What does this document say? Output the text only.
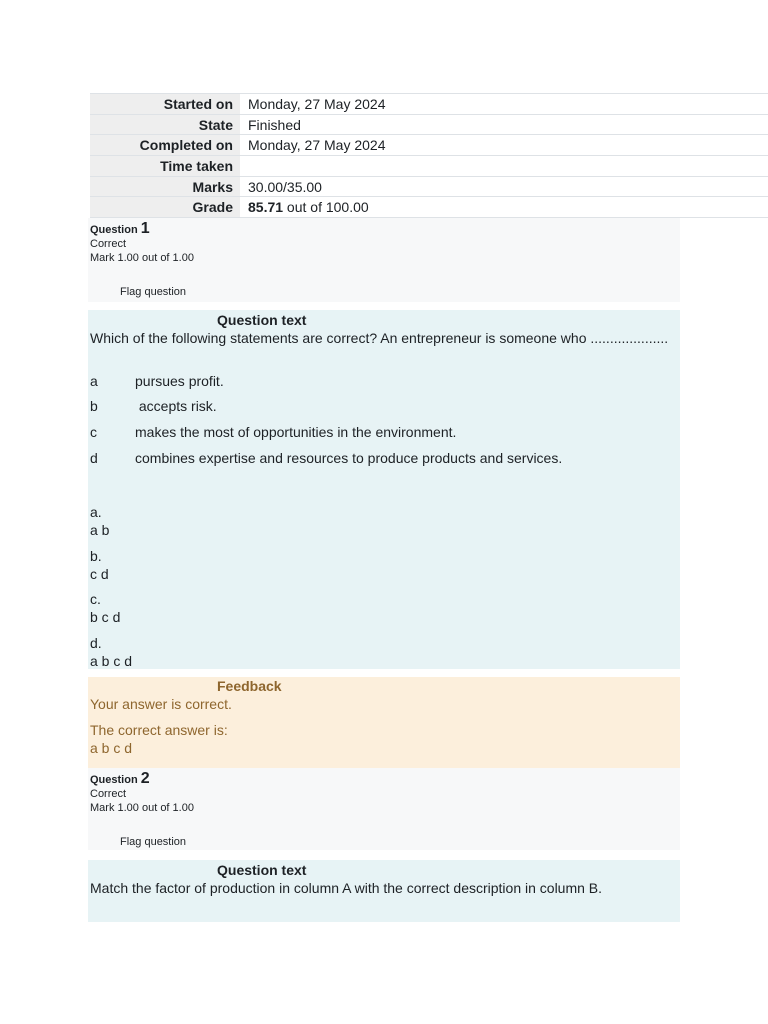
Started on	Monday, 27 May 2024
State	Finished
Completed on	Monday, 27 May 2024
Time taken	
Marks	30.00/35.00
Grade	85.71 out of 100.00
Question 1
Correct
Mark 1.00 out of 1.00
Flag question
Question text
Which of the following statements are correct? An entrepreneur is someone who ....................
a	pursues profit.
b	accepts risk.
c	makes the most of opportunities in the environment.
d	combines expertise and resources to produce products and services.
a.
a b
b.
c d
c.
b c d
d.
a b c d
Feedback
Your answer is correct.
The correct answer is:
a b c d
Question 2
Correct
Mark 1.00 out of 1.00
Flag question
Question text
Match the factor of production in column A with the correct description in column B.
